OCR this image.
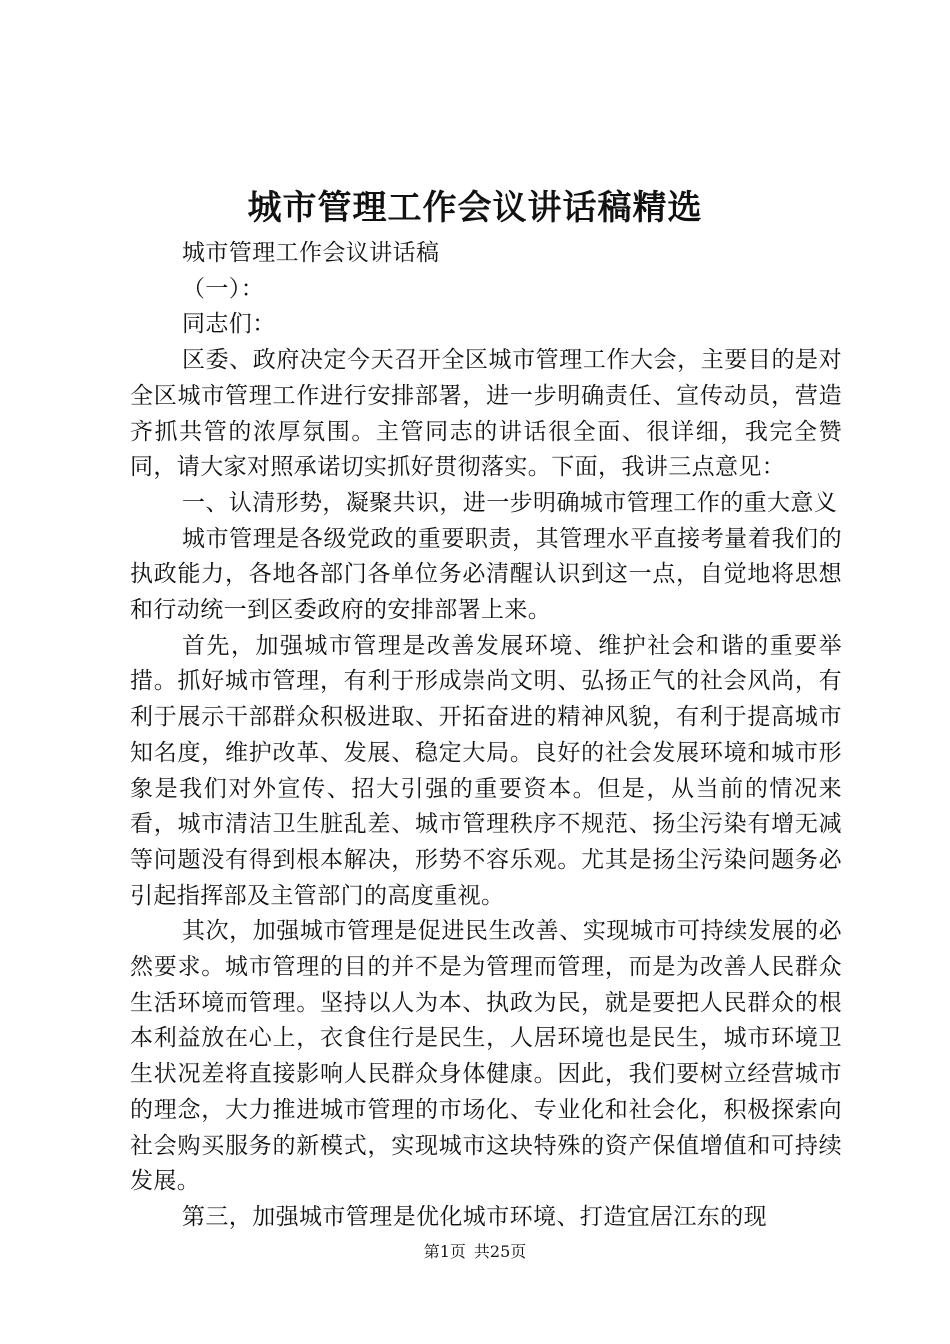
城市管理工作会议讲话稿精选

城市管理工作会议讲话稿

（一）：

同志们：

区委、政府决定今天召开全区城市管理工作大会，主要目的是对全区城市管理工作进行安排部署，进一步明确责任、宣传动员，营造齐抓共管的浓厚氛围。主管同志的讲话很全面、很详细，我完全赞同，请大家对照承诺切实抓好贯彻落实。下面，我讲三点意见：

一、认清形势，凝聚共识，进一步明确城市管理工作的重大意义

城市管理是各级党政的重要职责，其管理水平直接考量着我们的执政能力，各地各部门各单位务必清醒认识到这一点，自觉地将思想和行动统一到区委政府的安排部署上来。

首先，加强城市管理是改善发展环境、维护社会和谐的重要举措。抓好城市管理，有利于形成崇尚文明、弘扬正气的社会风尚，有利于展示干部群众积极进取、开拓奋进的精神风貌，有利于提高城市知名度，维护改革、发展、稳定大局。良好的社会发展环境和城市形象是我们对外宣传、招大引强的重要资本。但是，从当前的情况来看，城市清洁卫生脏乱差、城市管理秩序不规范、扬尘污染有增无减等问题没有得到根本解决，形势不容乐观。尤其是扬尘污染问题务必引起指挥部及主管部门的高度重视。

其次，加强城市管理是促进民生改善、实现城市可持续发展的必然要求。城市管理的目的并不是为管理而管理，而是为改善人民群众生活环境而管理。坚持以人为本、执政为民，就是要把人民群众的根本利益放在心上，衣食住行是民生，人居环境也是民生，城市环境卫生状况差将直接影响人民群众身体健康。因此，我们要树立经营城市的理念，大力推进城市管理的市场化、专业化和社会化，积极探索向社会购买服务的新模式，实现城市这块特殊的资产保值增值和可持续发展。

第三，加强城市管理是优化城市环境、打造宜居江东的现

第1页 共25页
